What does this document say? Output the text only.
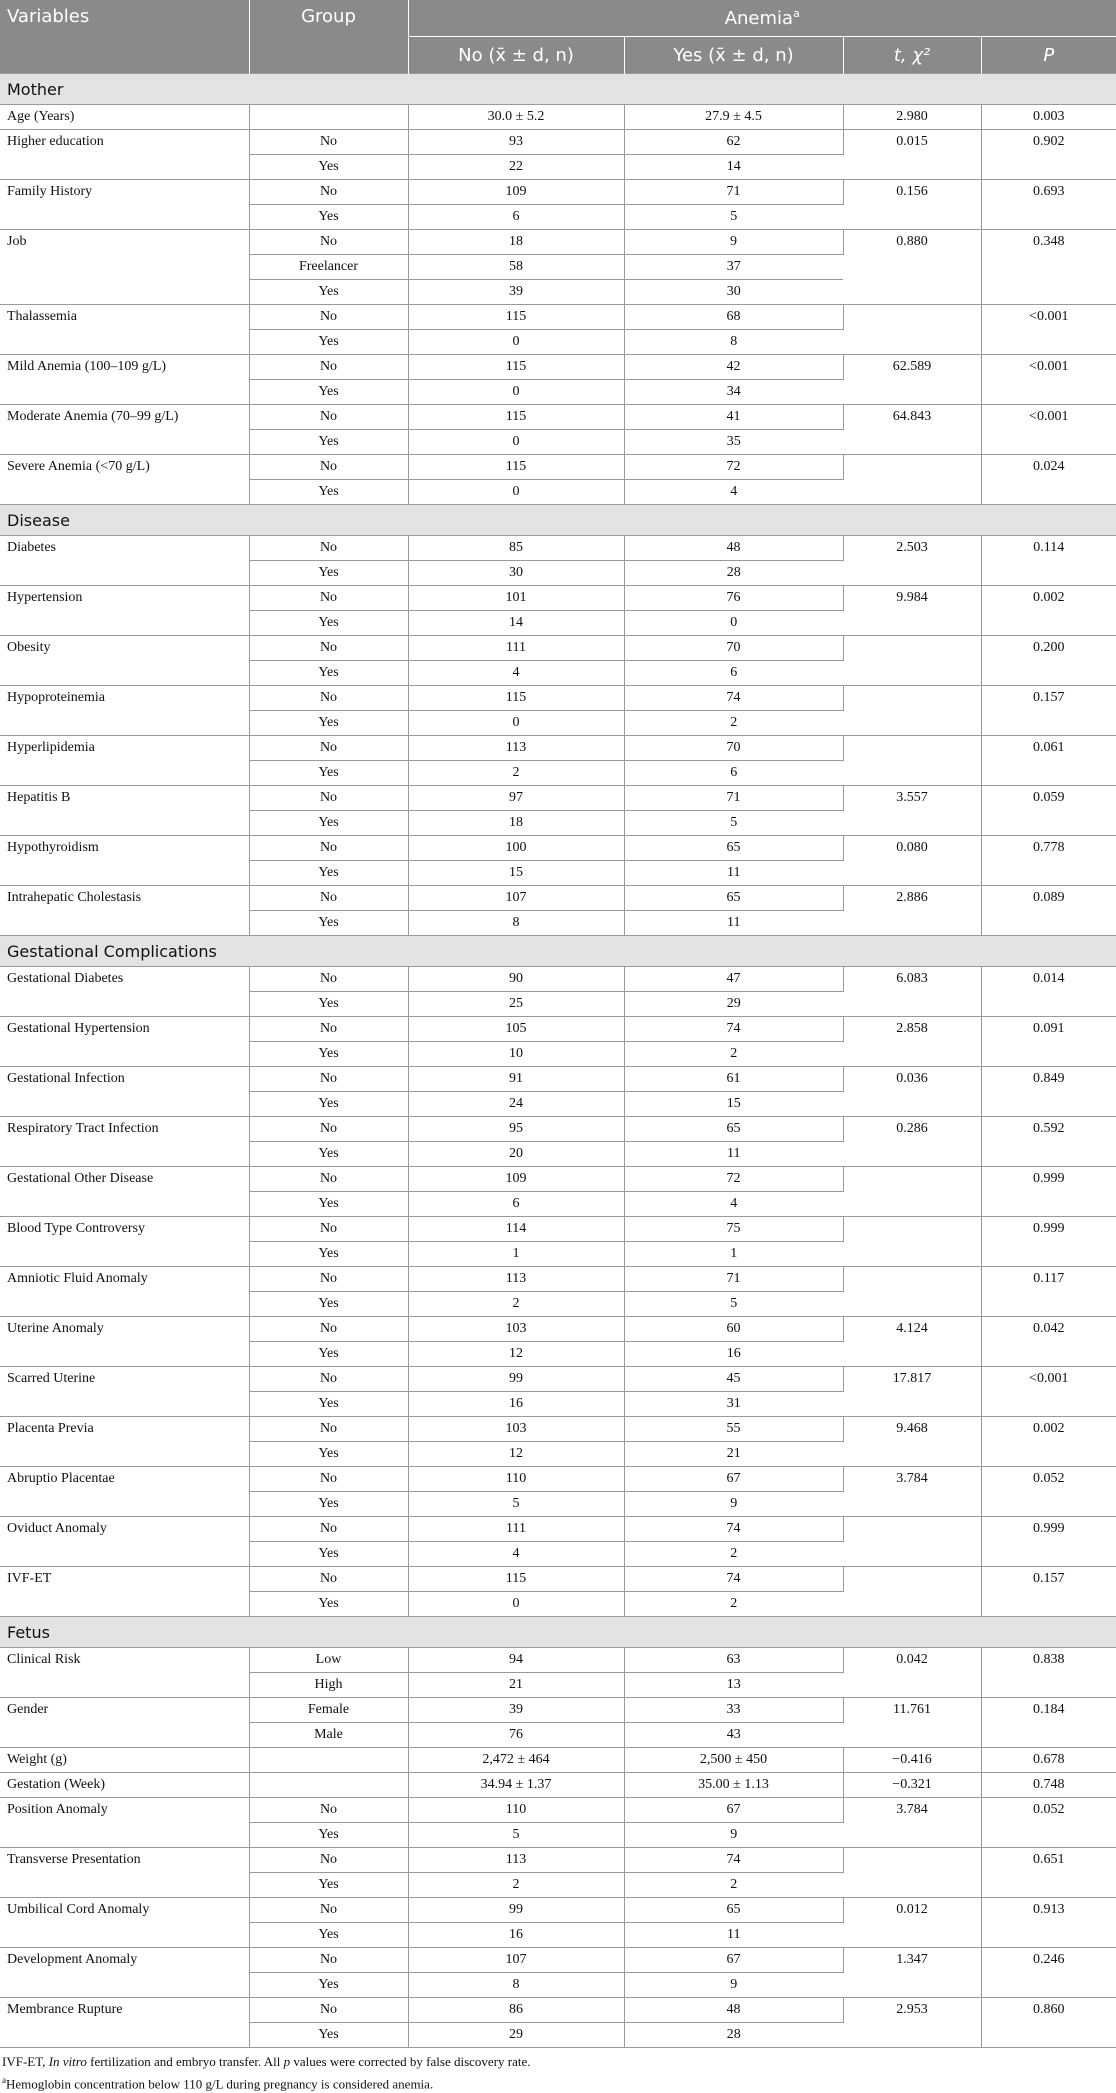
Variables	Group	Anemia$^a$
		No (x̄ ± d, n)	Yes (x̄ ± d, n)	t, χ²	P
Mother					
Age (Years)		30.0 ± 5.2	27.9 ± 4.5	2.980	0.003
Higher education	No	93	62	0.015	0.902
	Yes	22	14		
Family History	No	109	71	0.156	0.693
	Yes	6	5		
Job	No	18	9	0.880	0.348
	Freelancer	58	37		
	Yes	39	30		
Thalassemia	No	115	68		<0.001
	Yes	0	8		
Mild Anemia (100–109 g/L)	No	115	42	62.589	<0.001
	Yes	0	34		
Moderate Anemia (70–99 g/L)	No	115	41	64.843	<0.001
	Yes	0	35		
Severe Anemia (<70 g/L)	No	115	72		0.024
	Yes	0	4		
Disease					
Diabetes	No	85	48	2.503	0.114
	Yes	30	28		
Hypertension	No	101	76	9.984	0.002
	Yes	14	0		
Obesity	No	111	70		0.200
	Yes	4	6		
Hypoproteinemia	No	115	74		0.157
	Yes	0	2		
Hyperlipidemia	No	113	70		0.061
	Yes	2	6		
Hepatitis B	No	97	71	3.557	0.059
	Yes	18	5		
Hypothyroidism	No	100	65	0.080	0.778
	Yes	15	11		
Intrahepatic Cholestasis	No	107	65	2.886	0.089
	Yes	8	11		
Gestational Complications					
Gestational Diabetes	No	90	47	6.083	0.014
	Yes	25	29		
Gestational Hypertension	No	105	74	2.858	0.091
	Yes	10	2		
Gestational Infection	No	91	61	0.036	0.849
	Yes	24	15		
Respiratory Tract Infection	No	95	65	0.286	0.592
	Yes	20	11		
Gestational Other Disease	No	109	72		0.999
	Yes	6	4		
Blood Type Controversy	No	114	75		0.999
	Yes	1	1		
Amniotic Fluid Anomaly	No	113	71		0.117
	Yes	2	5		
Uterine Anomaly	No	103	60	4.124	0.042
	Yes	12	16		
Scarred Uterine	No	99	45	17.817	<0.001
	Yes	16	31		
Placenta Previa	No	103	55	9.468	0.002
	Yes	12	21		
Abruptio Placentae	No	110	67	3.784	0.052
	Yes	5	9		
Oviduct Anomaly	No	111	74		0.999
	Yes	4	2		
IVF-ET	No	115	74		0.157
	Yes	0	2		
Fetus					
Clinical Risk	Low	94	63	0.042	0.838
	High	21	13		
Gender	Female	39	33	11.761	0.184
	Male	76	43		
Weight (g)		2,472 ± 464	2,500 ± 450	−0.416	0.678
Gestation (Week)		34.94 ± 1.37	35.00 ± 1.13	−0.321	0.748
Position Anomaly	No	110	67	3.784	0.052
	Yes	5	9		
Transverse Presentation	No	113	74		0.651
	Yes	2	2		
Umbilical Cord Anomaly	No	99	65	0.012	0.913
	Yes	16	11		
Development Anomaly	No	107	67	1.347	0.246
	Yes	8	9		
Membrance Rupture	No	86	48	2.953	0.860
	Yes	29	28		
IVF-ET, In vitro fertilization and embryo transfer. All p values were corrected by false discovery rate.
$^a$Hemoglobin concentration below 110 g/L during pregnancy is considered anemia.
